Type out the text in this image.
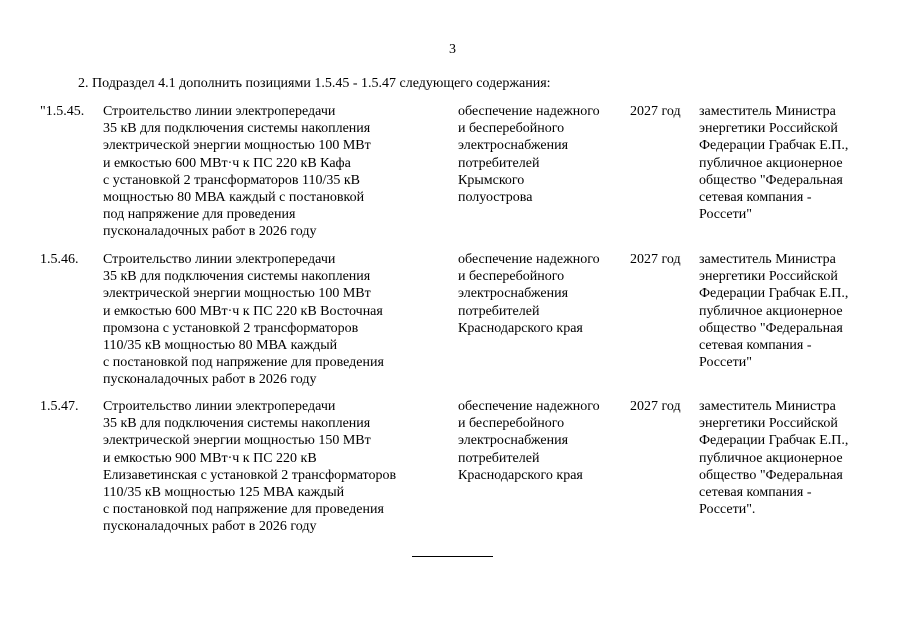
3
2. Подраздел 4.1 дополнить позициями 1.5.45 - 1.5.47 следующего содержания:
"1.5.45. Строительство линии электропередачи
35 кВ для подключения системы накопления
электрической энергии мощностью 100 МВт
и емкостью 600 МВт·ч к ПС 220 кВ Кафа
с установкой 2 трансформаторов 110/35 кВ
мощностью 80 МВА каждый с постановкой
под напряжение для проведения
пусконаладочных работ в 2026 году
обеспечение надежного
и бесперебойного
электроснабжения
потребителей
Крымского
полуострова
2027 год заместитель Министра
энергетики Российской
Федерации Грабчак Е.П.,
публичное акционерное
общество "Федеральная
сетевая компания -
Россети"
1.5.46. Строительство линии электропередачи
35 кВ для подключения системы накопления
электрической энергии мощностью 100 МВт
и емкостью 600 МВт·ч к ПС 220 кВ Восточная
промзона с установкой 2 трансформаторов
110/35 кВ мощностью 80 МВА каждый
с постановкой под напряжение для проведения
пусконаладочных работ в 2026 году
обеспечение надежного
и бесперебойного
электроснабжения
потребителей
Краснодарского края
2027 год заместитель Министра
энергетики Российской
Федерации Грабчак Е.П.,
публичное акционерное
общество "Федеральная
сетевая компания -
Россети"
1.5.47. Строительство линии электропередачи
35 кВ для подключения системы накопления
электрической энергии мощностью 150 МВт
и емкостью 900 МВт·ч к ПС 220 кВ
Елизаветинская с установкой 2 трансформаторов
110/35 кВ мощностью 125 МВА каждый
с постановкой под напряжение для проведения
пусконаладочных работ в 2026 году
обеспечение надежного
и бесперебойного
электроснабжения
потребителей
Краснодарского края
2027 год заместитель Министра
энергетики Российской
Федерации Грабчак Е.П.,
публичное акционерное
общество "Федеральная
сетевая компания -
Россети".
